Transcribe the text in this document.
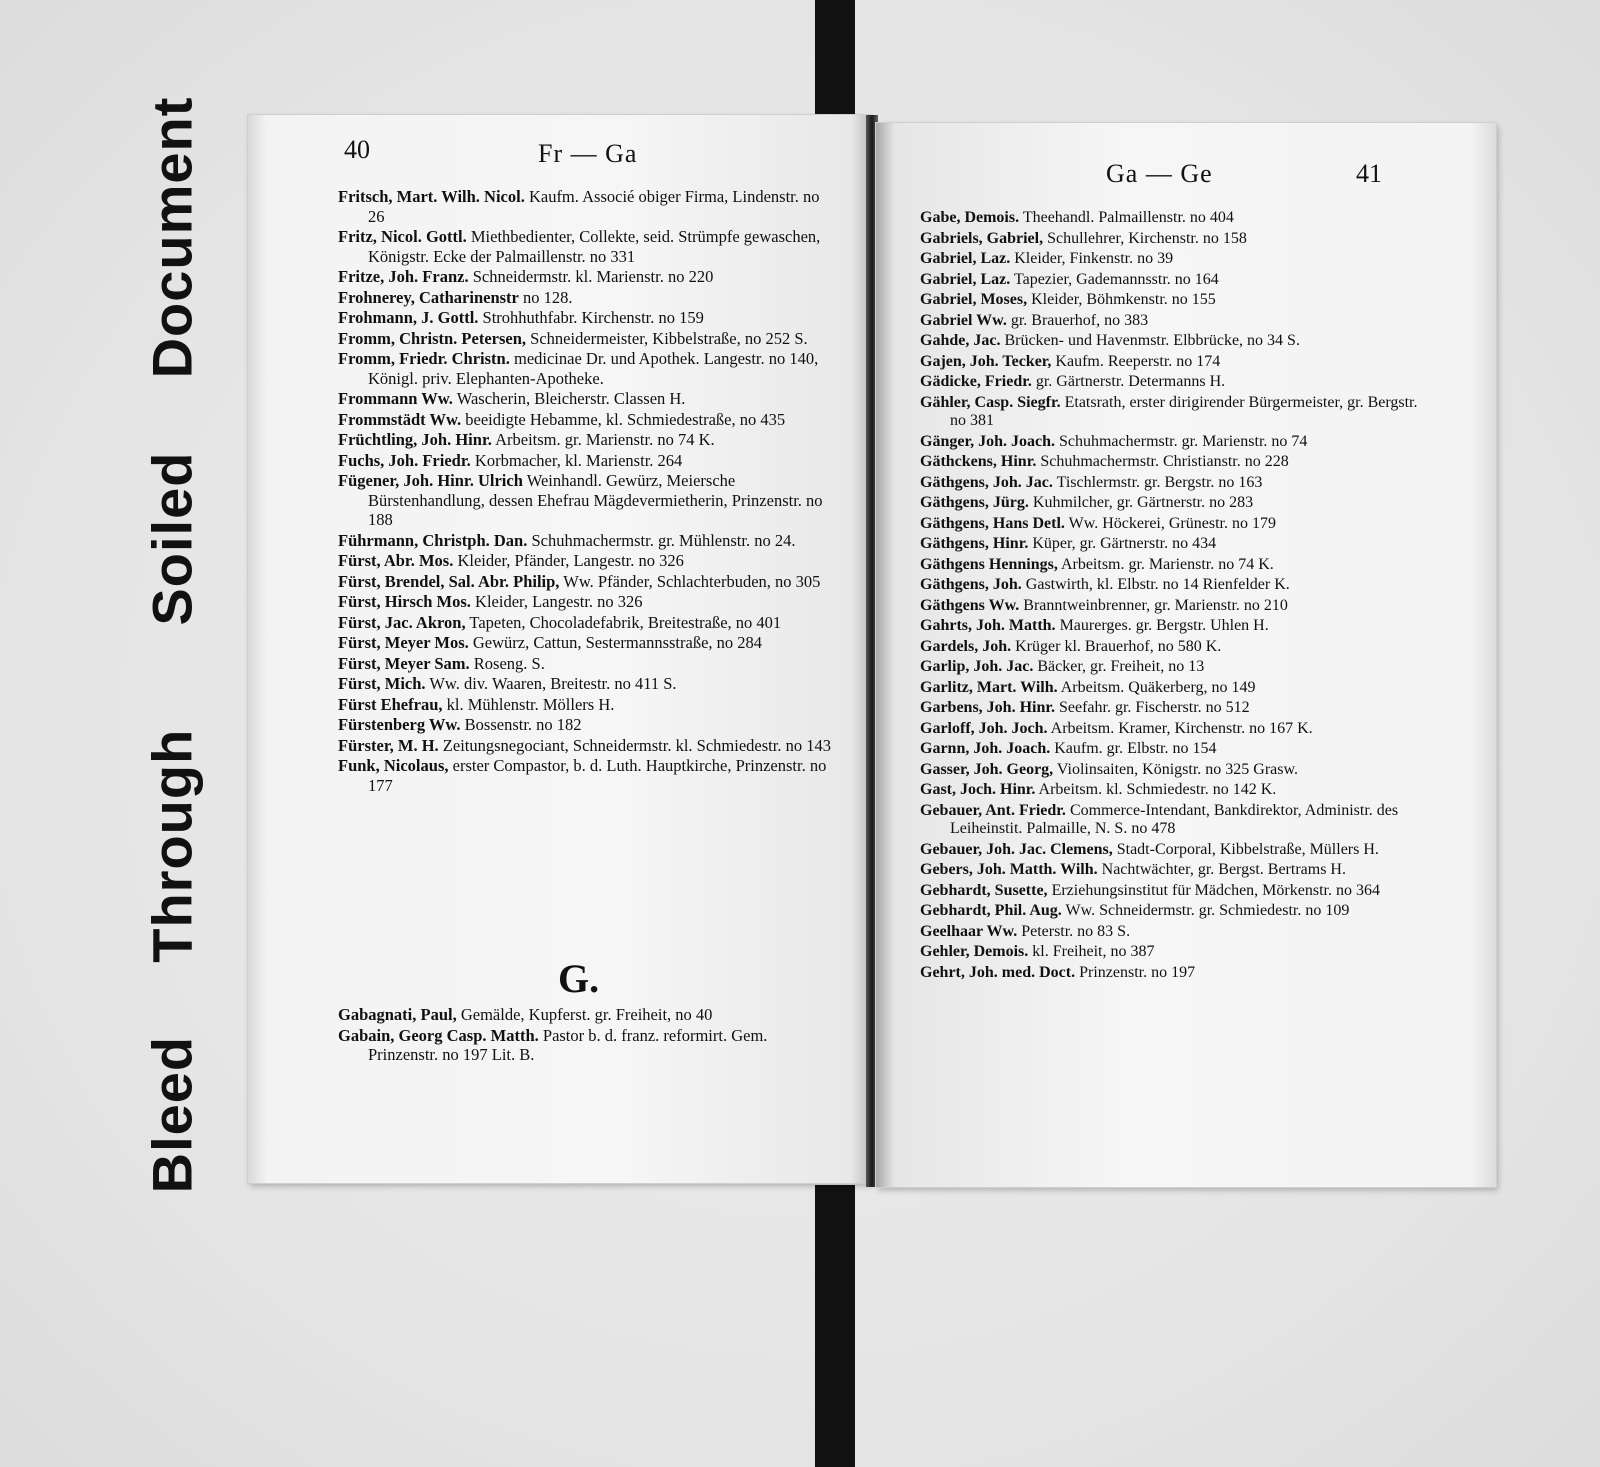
Bleed  Through  Soiled  Document	40	Fr — Ga
Fritsch, Mart. Wilh. Nicol. Kaufm. Associé obiger Firma, Lindenstr. no 26
Fritz, Nicol. Gottl. Miethbedienter, Collekte, seid. Strümpfe gewaschen, Königstr. Ecke der Palmaillenstr. no 331
Fritze, Joh. Franz. Schneidermstr. kl. Marienstr. no 220
Frohnerey, Catharinenstr no 128.
Frohmann, J. Gottl. Strohhuthfabr. Kirchenstr. no 159
Fromm, Christn. Petersen, Schneidermeister, Kibbelstraße, no 252 S.
Fromm, Friedr. Christn. medicinae Dr. und Apothek. Langestr. no 140, Königl. priv. Elephanten-Apotheke.
Frommann Ww. Wascherin, Bleicherstr. Classen H.
Frommstädt Ww. beeidigte Hebamme, kl. Schmiedestraße, no 435
Früchtling, Joh. Hinr. Arbeitsm. gr. Marienstr. no 74 K.
Fuchs, Joh. Friedr. Korbmacher, kl. Marienstr. 264
Fügener, Joh. Hinr. Ulrich Weinhandl. Gewürz, Meiersche Bürstenhandlung, dessen Ehefrau Mägdevermietherin, Prinzenstr. no 188
Führmann, Christph. Dan. Schuhmachermstr. gr. Mühlenstr. no 24.
Fürst, Abr. Mos. Kleider, Pfänder, Langestr. no 326
Fürst, Brendel, Sal. Abr. Philip, Ww. Pfänder, Schlachterbuden, no 305
Fürst, Hirsch Mos. Kleider, Langestr. no 326
Fürst, Jac. Akron, Tapeten, Chocoladefabrik, Breitestraße, no 401
Fürst, Meyer Mos. Gewürz, Cattun, Sestermannsstraße, no 284
Fürst, Meyer Sam. Roseng. S.
Fürst, Mich. Ww. div. Waaren, Breitestr. no 411 S.
Fürst Ehefrau, kl. Mühlenstr. Möllers H.
Fürstenberg Ww. Bossenstr. no 182
Fürster, M. H. Zeitungsnegociant, Schneidermstr. kl. Schmiedestr. no 143
Funk, Nicolaus, erster Compastor, b. d. Luth. Hauptkirche, Prinzenstr. no 177
G.
Gabagnati, Paul, Gemälde, Kupferst. gr. Freiheit, no 40
Gabain, Georg Casp. Matth. Pastor b. d. franz. reformirt. Gem. Prinzenstr. no 197 Lit. B.
41
Ga — Ge
Gabe, Demois. Theehandl. Palmaillenstr. no 404
Gabriels, Gabriel, Schullehrer, Kirchenstr. no 158
Gabriel, Laz. Kleider, Finkenstr. no 39
Gabriel, Laz. Tapezier, Gademannsstr. no 164
Gabriel, Moses, Kleider, Böhmkenstr. no 155
Gabriel Ww. gr. Brauerhof, no 383
Gahde, Jac. Brücken- und Havenmstr. Elbbrücke, no 34 S.
Gajen, Joh. Tecker, Kaufm. Reeperstr. no 174
Gädicke, Friedr. gr. Gärtnerstr. Determanns H.
Gähler, Casp. Siegfr. Etatsrath, erster dirigirender Bürgermeister, gr. Bergstr. no 381
Gänger, Joh. Joach. Schuhmachermstr. gr. Marienstr. no 74
Gäthckens, Hinr. Schuhmachermstr. Christianstr. no 228
Gäthgens, Joh. Jac. Tischlermstr. gr. Bergstr. no 163
Gäthgens, Jürg. Kuhmilcher, gr. Gärtnerstr. no 283
Gäthgens, Hans Detl. Ww. Höckerei, Grünestr. no 179
Gäthgens, Hinr. Küper, gr. Gärtnerstr. no 434
Gäthgens Hennings, Arbeitsm. gr. Marienstr. no 74 K.
Gäthgens, Joh. Gastwirth, kl. Elbstr. no 14 Rienfelder K.
Gäthgens Ww. Branntweinbrenner, gr. Marienstr. no 210
Gahrts, Joh. Matth. Maurerges. gr. Bergstr. Uhlen H.
Gardels, Joh. Krüger kl. Brauerhof, no 580 K.
Garlip, Joh. Jac. Bäcker, gr. Freiheit, no 13
Garlitz, Mart. Wilh. Arbeitsm. Quäkerberg, no 149
Garbens, Joh. Hinr. Seefahr. gr. Fischerstr. no 512
Garloff, Joh. Joch. Arbeitsm. Kramer, Kirchenstr. no 167 K.
Garnn, Joh. Joach. Kaufm. gr. Elbstr. no 154
Gasser, Joh. Georg, Violinsaiten, Königstr. no 325 Grasw.
Gast, Joch. Hinr. Arbeitsm. kl. Schmiedestr. no 142 K.
Gebauer, Ant. Friedr. Commerce-Intendant, Bankdirektor, Administr. des Leiheinstit. Palmaille, N. S. no 478
Gebauer, Joh. Jac. Clemens, Stadt-Corporal, Kibbelstraße, Müllers H.
Gebers, Joh. Matth. Wilh. Nachtwächter, gr. Bergst. Bertrams H.
Gebhardt, Susette, Erziehungsinstitut für Mädchen, Mörkenstr. no 364
Gebhardt, Phil. Aug. Ww. Schneidermstr. gr. Schmiedestr. no 109
Geelhaar Ww. Peterstr. no 83 S.
Gehler, Demois. kl. Freiheit, no 387
Gehrt, Joh. med. Doct. Prinzenstr. no 197
